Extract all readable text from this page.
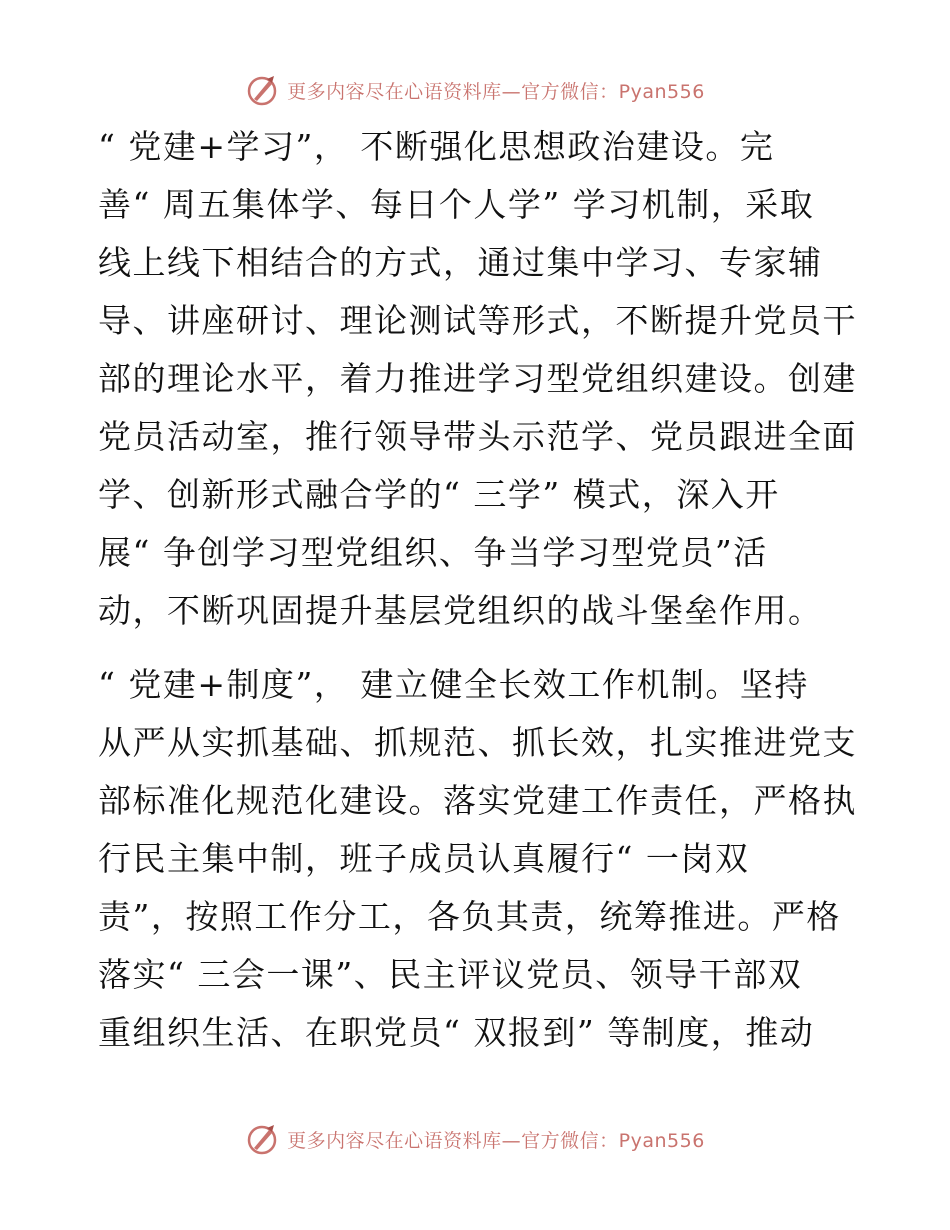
更多内容尽在心语资料库—官方微信：Pyan556
“ 党建+学习”， 不断强化思想政治建设。完
善“ 周五集体学、每日个人学” 学习机制，采取
线上线下相结合的方式，通过集中学习、专家辅
导、讲座研讨、理论测试等形式，不断提升党员干
部的理论水平，着力推进学习型党组织建设。创建
党员活动室，推行领导带头示范学、党员跟进全面
学、创新形式融合学的“ 三学” 模式，深入开
展“ 争创学习型党组织、争当学习型党员”活
动，不断巩固提升基层党组织的战斗堡垒作用。
“ 党建+制度”， 建立健全长效工作机制。坚持
从严从实抓基础、抓规范、抓长效，扎实推进党支
部标准化规范化建设。落实党建工作责任，严格执
行民主集中制，班子成员认真履行“ 一岗双
责”，按照工作分工，各负其责，统筹推进。严格
落实“ 三会一课”、民主评议党员、领导干部双
重组织生活、在职党员“ 双报到” 等制度，推动
更多内容尽在心语资料库—官方微信：Pyan556
